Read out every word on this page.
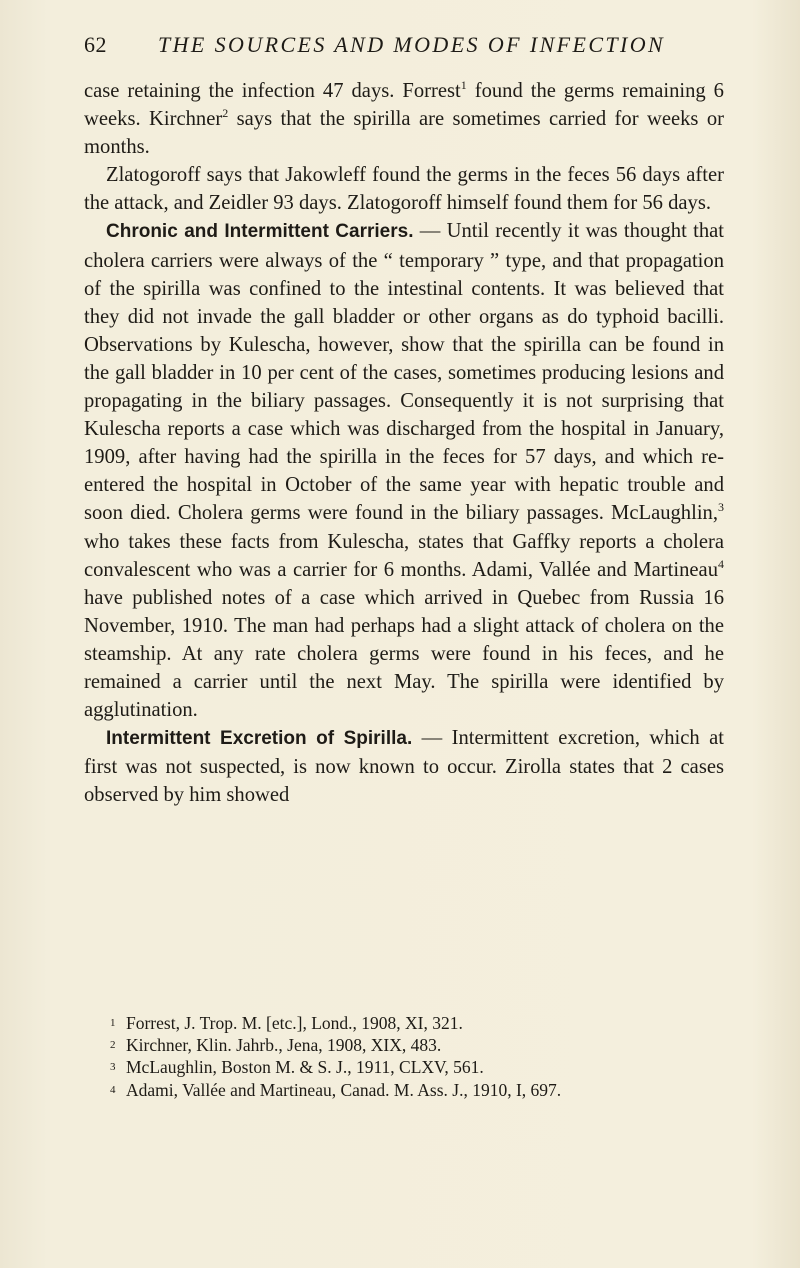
62 THE SOURCES AND MODES OF INFECTION

case retaining the infection 47 days. Forrest$^1$ found the germs remaining 6 weeks. Kirchner$^2$ says that the spirilla are sometimes carried for weeks or months.

Zlatogoroff says that Jakowleff found the germs in the feces 56 days after the attack, and Zeidler 93 days. Zlatogoroff himself found them for 56 days.

Chronic and Intermittent Carriers. — Until recently it was thought that cholera carriers were always of the “ temporary ” type, and that propagation of the spirilla was confined to the intestinal contents. It was believed that they did not invade the gall bladder or other organs as do typhoid bacilli. Observations by Kulescha, however, show that the spirilla can be found in the gall bladder in 10 per cent of the cases, sometimes producing lesions and propagating in the biliary passages. Consequently it is not surprising that Kulescha reports a case which was discharged from the hospital in January, 1909, after having had the spirilla in the feces for 57 days, and which re-entered the hospital in October of the same year with hepatic trouble and soon died. Cholera germs were found in the biliary passages. McLaughlin,$^3$ who takes these facts from Kulescha, states that Gaffky reports a cholera convalescent who was a carrier for 6 months. Adami, Vallée and Martineau$^4$ have published notes of a case which arrived in Quebec from Russia 16 November, 1910. The man had perhaps had a slight attack of cholera on the steamship. At any rate cholera germs were found in his feces, and he remained a carrier until the next May. The spirilla were identified by agglutination.

Intermittent Excretion of Spirilla. — Intermittent excretion, which at first was not suspected, is now known to occur. Zirolla states that 2 cases observed by him showed

1 Forrest, J. Trop. M. [etc.], Lond., 1908, XI, 321.
2 Kirchner, Klin. Jahrb., Jena, 1908, XIX, 483.
3 McLaughlin, Boston M. & S. J., 1911, CLXV, 561.
4 Adami, Vallée and Martineau, Canad. M. Ass. J., 1910, I, 697.
